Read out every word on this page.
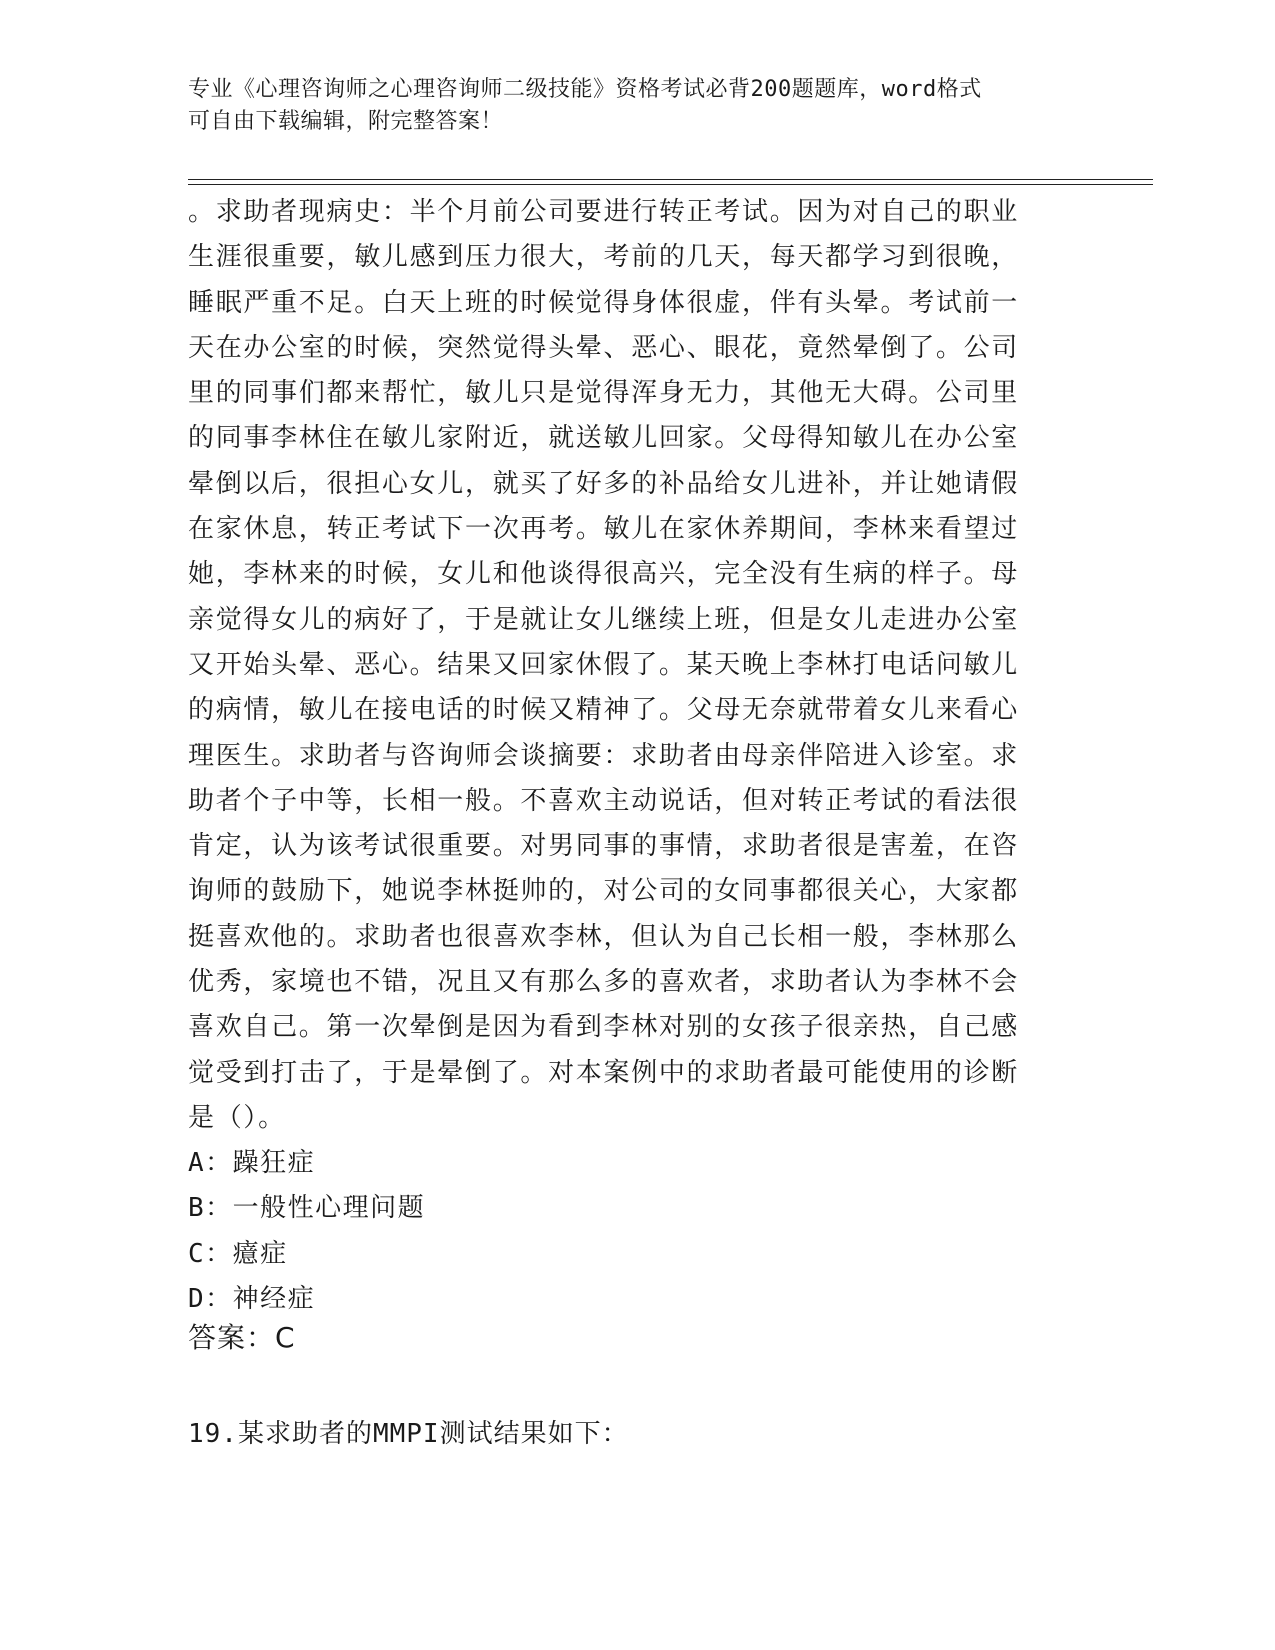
专业《心理咨询师之心理咨询师二级技能》资格考试必背200题题库，word格式
可自由下载编辑，附完整答案！
。求助者现病史：半个月前公司要进行转正考试。因为对自己的职业
生涯很重要，敏儿感到压力很大，考前的几天，每天都学习到很晚，
睡眠严重不足。白天上班的时候觉得身体很虚，伴有头晕。考试前一
天在办公室的时候，突然觉得头晕、恶心、眼花，竟然晕倒了。公司
里的同事们都来帮忙，敏儿只是觉得浑身无力，其他无大碍。公司里
的同事李林住在敏儿家附近，就送敏儿回家。父母得知敏儿在办公室
晕倒以后，很担心女儿，就买了好多的补品给女儿进补，并让她请假
在家休息，转正考试下一次再考。敏儿在家休养期间，李林来看望过
她，李林来的时候，女儿和他谈得很高兴，完全没有生病的样子。母
亲觉得女儿的病好了，于是就让女儿继续上班，但是女儿走进办公室
又开始头晕、恶心。结果又回家休假了。某天晚上李林打电话问敏儿
的病情，敏儿在接电话的时候又精神了。父母无奈就带着女儿来看心
理医生。求助者与咨询师会谈摘要：求助者由母亲伴陪进入诊室。求
助者个子中等，长相一般。不喜欢主动说话，但对转正考试的看法很
肯定，认为该考试很重要。对男同事的事情，求助者很是害羞，在咨
询师的鼓励下，她说李林挺帅的，对公司的女同事都很关心，大家都
挺喜欢他的。求助者也很喜欢李林，但认为自己长相一般，李林那么
优秀，家境也不错，况且又有那么多的喜欢者，求助者认为李林不会
喜欢自己。第一次晕倒是因为看到李林对别的女孩子很亲热，自己感
觉受到打击了，于是晕倒了。对本案例中的求助者最可能使用的诊断
是（）。
A：躁狂症
B：一般性心理问题
C：癔症
D：神经症
答案：C
19.某求助者的MMPI测试结果如下：
